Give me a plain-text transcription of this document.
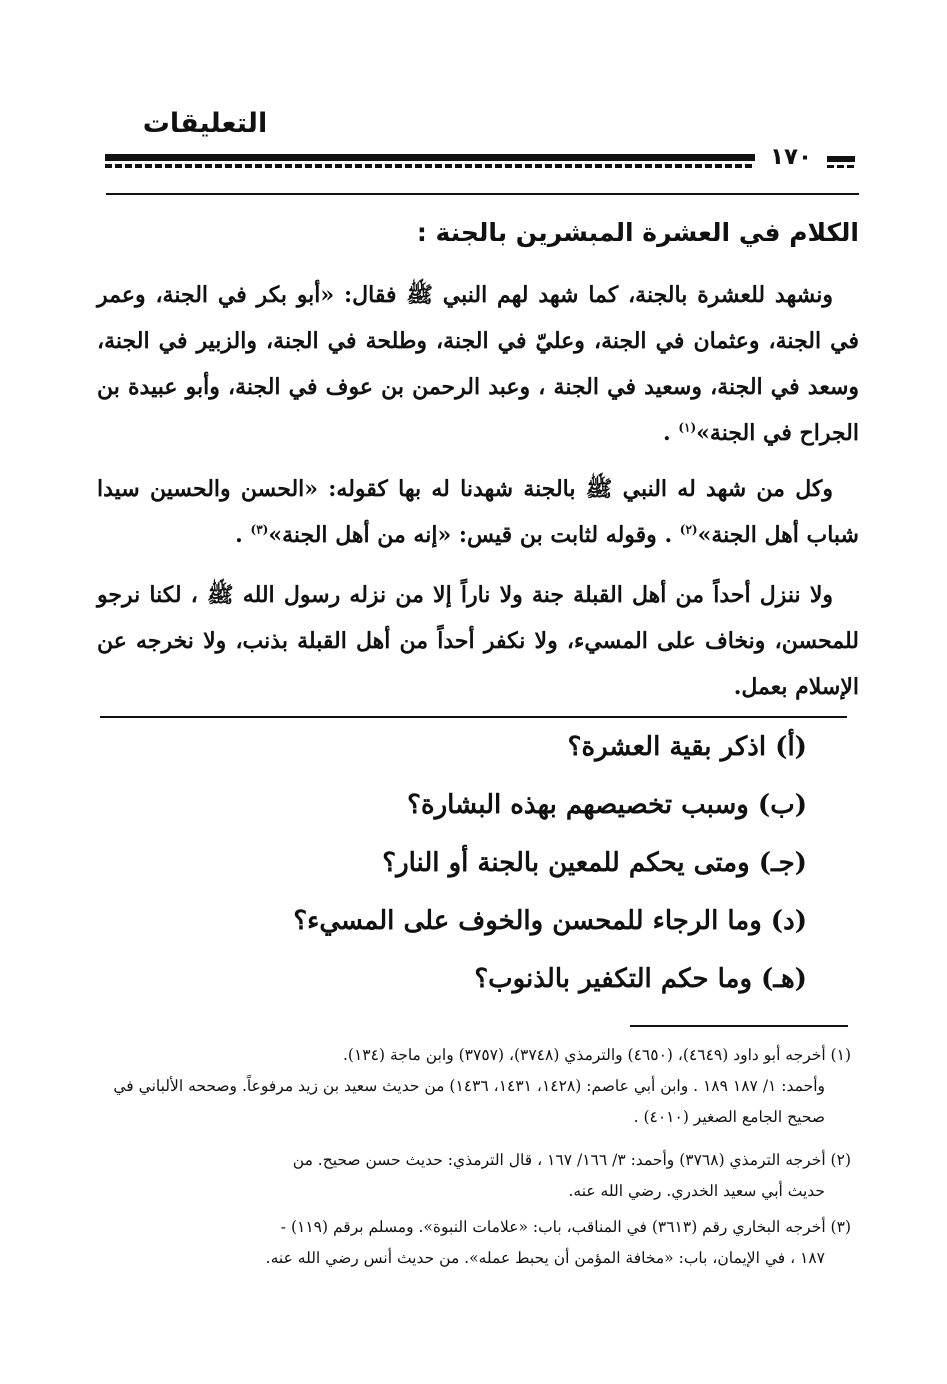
التعليقات
١٧٠
الكلام في العشرة المبشرين بالجنة :
ونشهد للعشرة بالجنة، كما شهد لهم النبي ﷺ فقال: «أبو بكر في الجنة، وعمر في الجنة، وعثمان في الجنة، وعليّ في الجنة، وطلحة في الجنة، والزبير في الجنة، وسعد في الجنة، وسعيد في الجنة ، وعبد الرحمن بن عوف في الجنة، وأبو عبيدة بن الجراح في الجنة»$^{(١)}$ .
وكل من شهد له النبي ﷺ بالجنة شهدنا له بها كقوله: «الحسن والحسين سيدا شباب أهل الجنة»$^{(٢)}$ . وقوله لثابت بن قيس: «إنه من أهل الجنة»$^{(٣)}$ .
ولا ننزل أحداً من أهل القبلة جنة ولا ناراً إلا من نزله رسول الله ﷺ ، لكنا نرجو للمحسن، ونخاف على المسيء، ولا نكفر أحداً من أهل القبلة بذنب، ولا نخرجه عن الإسلام بعمل.
(أ) اذكر بقية العشرة؟
(ب) وسبب تخصيصهم بهذه البشارة؟
(جـ) ومتى يحكم للمعين بالجنة أو النار؟
(د) وما الرجاء للمحسن والخوف على المسيء؟
(هـ) وما حكم التكفير بالذنوب؟
(١) أخرجه أبو داود (٤٦٤٩)، (٤٦٥٠) والترمذي (٣٧٤٨)، (٣٧٥٧) وابن ماجة (١٣٤).
وأحمد: ١/ ١٨٧ ١٨٩ . وابن أبي عاصم: (١٤٢٨، ١٤٣١، ١٤٣٦) من حديث سعيد بن زيد مرفوعاً. وصححه الألباني في صحيح الجامع الصغير (٤٠١٠) .
(٢) أخرجه الترمذي (٣٧٦٨) وأحمد: ٣/ ١٦٦/ ١٦٧ ، قال الترمذي: حديث حسن صحيح. من
حديث أبي سعيد الخدري. رضي الله عنه.
(٣) أخرجه البخاري رقم (٣٦١٣) في المناقب، باب: «علامات النبوة». ومسلم برقم (١١٩) -
١٨٧ ، في الإيمان، باب: «مخافة المؤمن أن يحبط عمله». من حديث أنس رضي الله عنه.
